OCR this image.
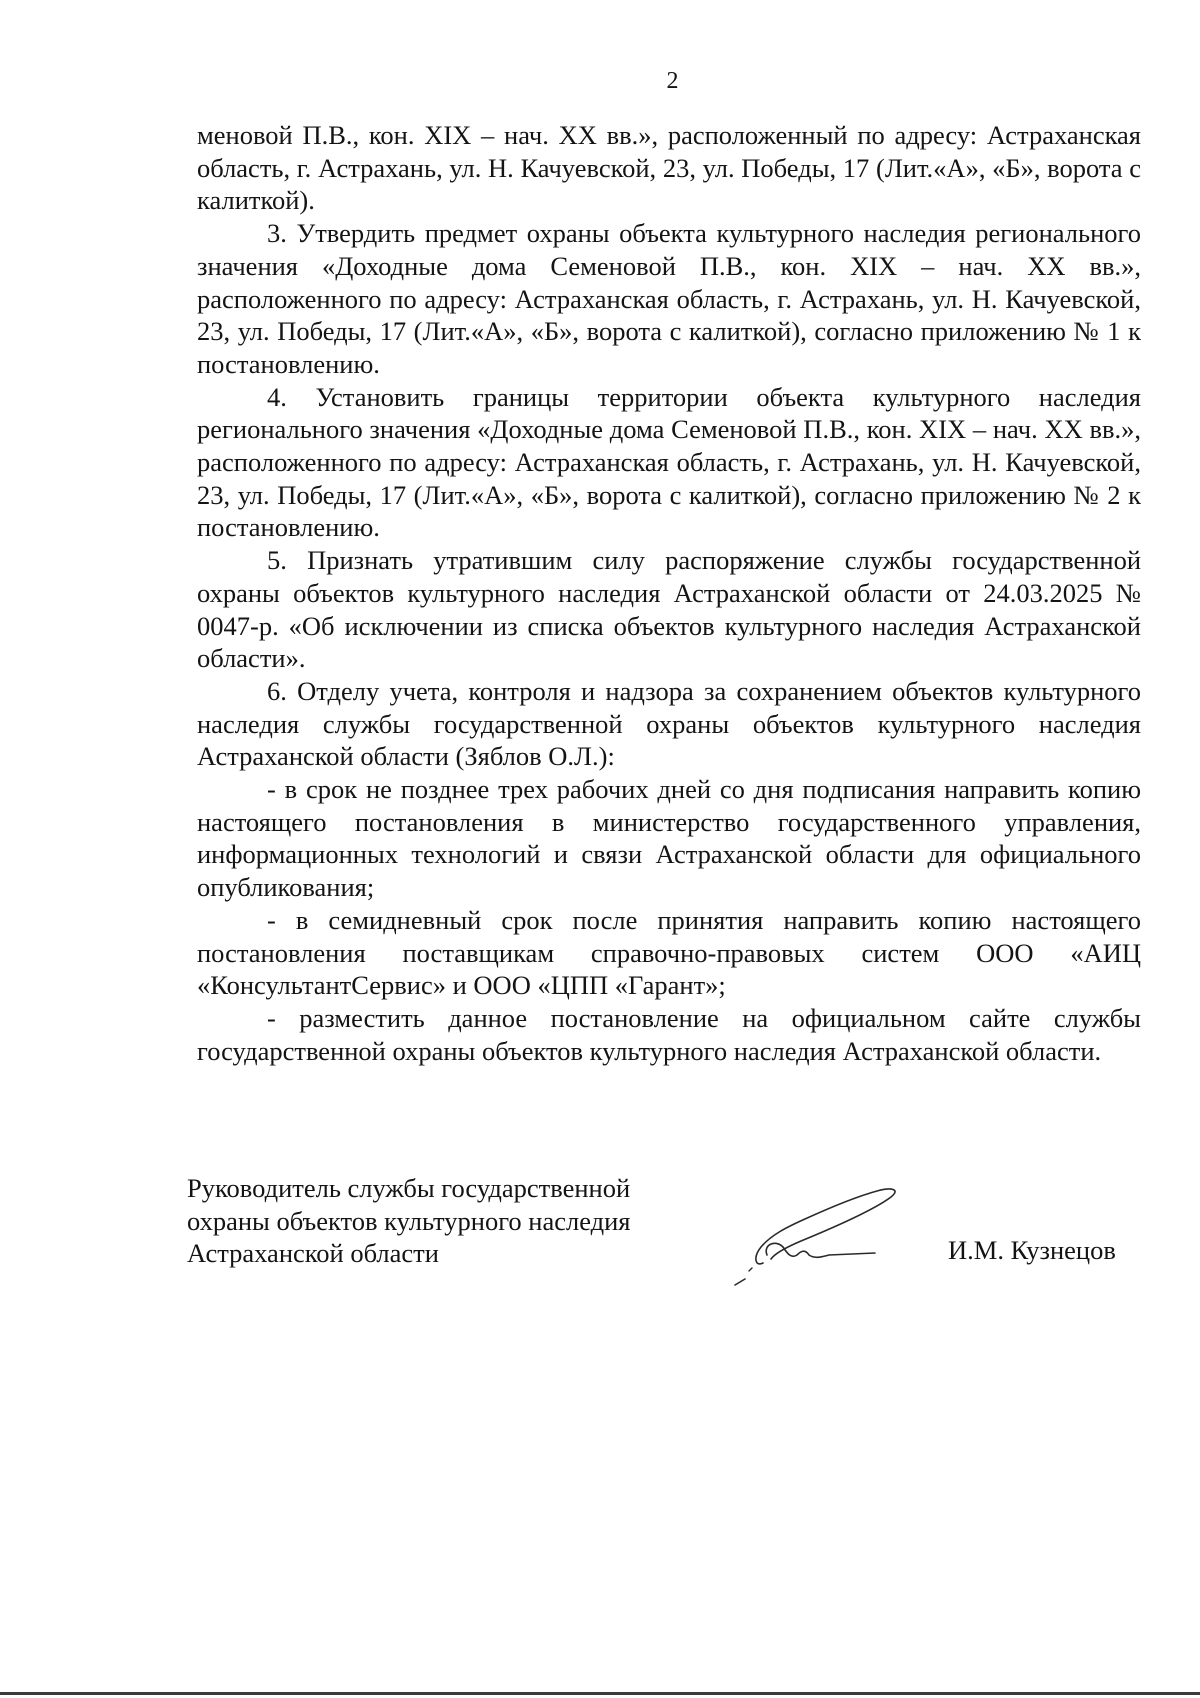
2

меновой П.В., кон. XIX – нач. XX вв.», расположенный по адресу: Астраханская область, г. Астрахань, ул. Н. Качуевской, 23, ул. Победы, 17 (Лит.«А», «Б», ворота с калиткой).

3. Утвердить предмет охраны объекта культурного наследия регионального значения «Доходные дома Семеновой П.В., кон. XIX – нач. XX вв.», расположенного по адресу: Астраханская область, г. Астрахань, ул. Н. Качуевской, 23, ул. Победы, 17 (Лит.«А», «Б», ворота с калиткой), согласно приложению № 1 к постановлению.

4. Установить границы территории объекта культурного наследия регионального значения «Доходные дома Семеновой П.В., кон. XIX – нач. XX вв.», расположенного по адресу: Астраханская область, г. Астрахань, ул. Н. Качуевской, 23, ул. Победы, 17 (Лит.«А», «Б», ворота с калиткой), согласно приложению № 2 к постановлению.

5. Признать утратившим силу распоряжение службы государственной охраны объектов культурного наследия Астраханской области от 24.03.2025 № 0047-р. «Об исключении из списка объектов культурного наследия Астраханской области».

6. Отделу учета, контроля и надзора за сохранением объектов культурного наследия службы государственной охраны объектов культурного наследия Астраханской области (Зяблов О.Л.):

- в срок не позднее трех рабочих дней со дня подписания направить копию настоящего постановления в министерство государственного управления, информационных технологий и связи Астраханской области для официального опубликования;

- в семидневный срок после принятия направить копию настоящего постановления поставщикам справочно-правовых систем ООО «АИЦ «КонсультантСервис» и ООО «ЦПП «Гарант»;

- разместить данное постановление на официальном сайте службы государственной охраны объектов культурного наследия Астраханской области.

Руководитель службы государственной
охраны объектов культурного наследия
Астраханской области	И.М. Кузнецов
